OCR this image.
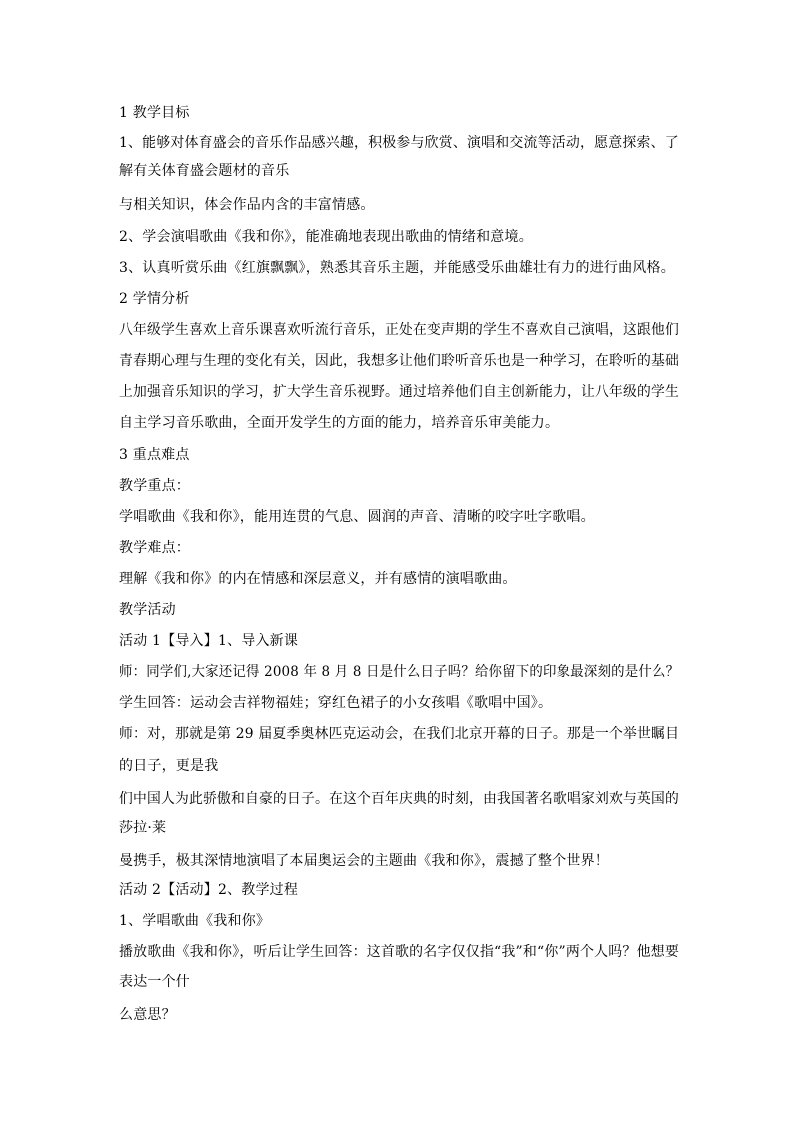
1 教学目标
1、能够对体育盛会的音乐作品感兴趣，积极参与欣赏、演唱和交流等活动，愿意探索、了
解有关体育盛会题材的音乐
与相关知识，体会作品内含的丰富情感。
2、学会演唱歌曲《我和你》，能准确地表现出歌曲的情绪和意境。
3、认真听赏乐曲《红旗飘飘》，熟悉其音乐主题，并能感受乐曲雄壮有力的进行曲风格。
2 学情分析
八年级学生喜欢上音乐课喜欢听流行音乐，正处在变声期的学生不喜欢自己演唱，这跟他们
青春期心理与生理的变化有关，因此，我想多让他们聆听音乐也是一种学习，在聆听的基础
上加强音乐知识的学习，扩大学生音乐视野。通过培养他们自主创新能力，让八年级的学生
自主学习音乐歌曲，全面开发学生的方面的能力，培养音乐审美能力。
3 重点难点
教学重点：
学唱歌曲《我和你》，能用连贯的气息、圆润的声音、清晰的咬字吐字歌唱。
教学难点：
理解《我和你》的内在情感和深层意义，并有感情的演唱歌曲。
教学活动
活动 1【导入】1、导入新课
师：同学们,大家还记得 2008 年 8 月 8 日是什么日子吗？给你留下的印象最深刻的是什么？
学生回答：运动会吉祥物福娃；穿红色裙子的小女孩唱《歌唱中国》。
师：对，那就是第 29 届夏季奥林匹克运动会，在我们北京开幕的日子。那是一个举世瞩目
的日子，更是我
们中国人为此骄傲和自豪的日子。在这个百年庆典的时刻，由我国著名歌唱家刘欢与英国的
莎拉·莱
曼携手，极其深情地演唱了本届奥运会的主题曲《我和你》，震撼了整个世界！
活动 2【活动】2、教学过程
1、学唱歌曲《我和你》
播放歌曲《我和你》，听后让学生回答：这首歌的名字仅仅指“我”和“你”两个人吗？他想要
表达一个什
么意思？
